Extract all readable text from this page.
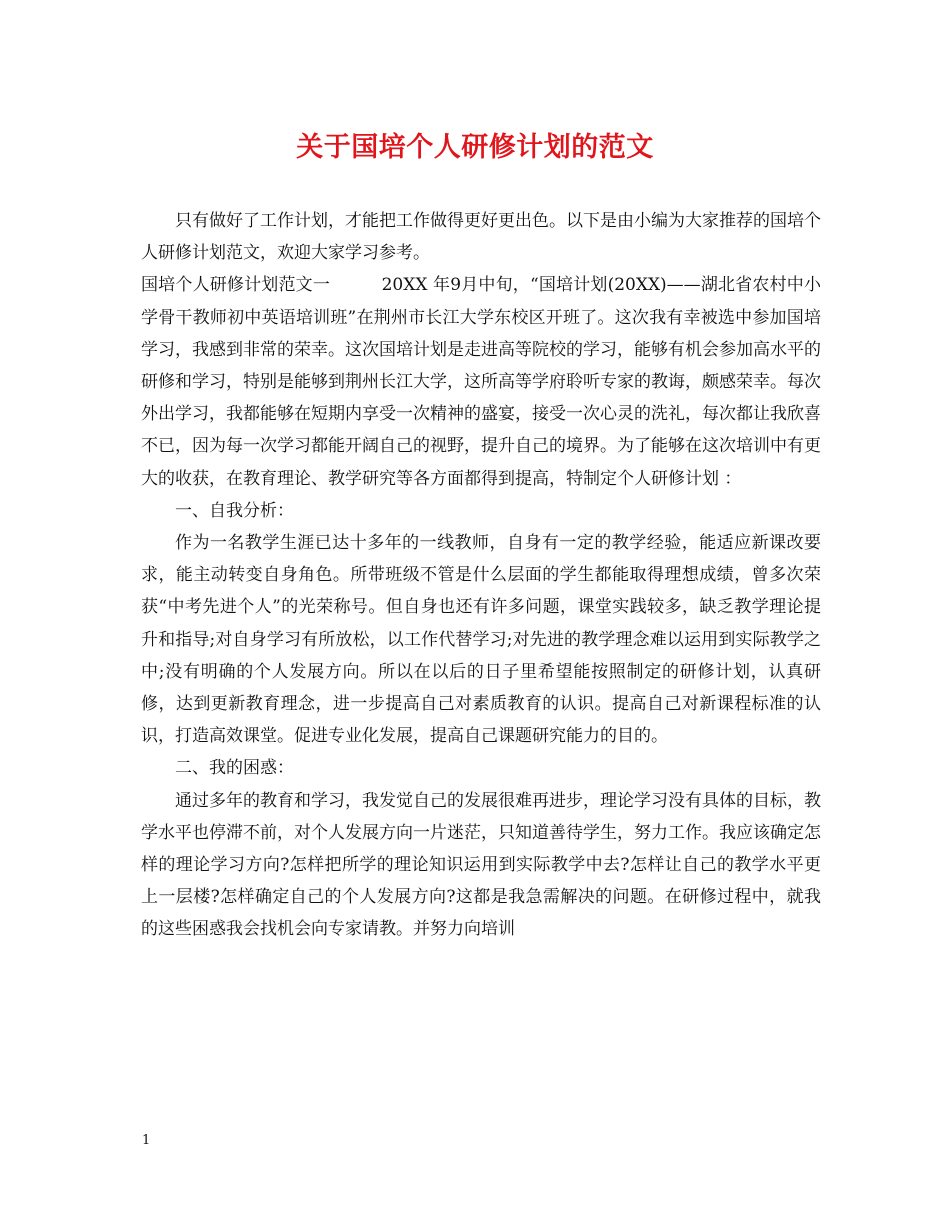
关于国培个人研修计划的范文

只有做好了工作计划，才能把工作做得更好更出色。以下是由小编为大家推荐的国培个人研修计划范文，欢迎大家学习参考。

国培个人研修计划范文一　　　20XX 年9月中旬，“国培计划(20XX)——湖北省农村中小学骨干教师初中英语培训班”在荆州市长江大学东校区开班了。这次我有幸被选中参加国培学习，我感到非常的荣幸。这次国培计划是走进高等院校的学习，能够有机会参加高水平的研修和学习，特别是能够到荆州长江大学，这所高等学府聆听专家的教诲，颇感荣幸。每次外出学习，我都能够在短期内享受一次精神的盛宴，接受一次心灵的洗礼，每次都让我欣喜不已，因为每一次学习都能开阔自己的视野，提升自己的境界。为了能够在这次培训中有更大的收获，在教育理论、教学研究等各方面都得到提高，特制定个人研修计划 ：

一、自我分析：

作为一名教学生涯已达十多年的一线教师，自身有一定的教学经验，能适应新课改要求，能主动转变自身角色。所带班级不管是什么层面的学生都能取得理想成绩，曾多次荣获“中考先进个人”的光荣称号。但自身也还有许多问题，课堂实践较多，缺乏教学理论提升和指导;对自身学习有所放松，以工作代替学习;对先进的教学理念难以运用到实际教学之中;没有明确的个人发展方向。所以在以后的日子里希望能按照制定的研修计划，认真研修，达到更新教育理念，进一步提高自己对素质教育的认识。提高自己对新课程标准的认识，打造高效课堂。促进专业化发展，提高自己课题研究能力的目的。

二、我的困惑：

通过多年的教育和学习，我发觉自己的发展很难再进步，理论学习没有具体的目标，教学水平也停滞不前，对个人发展方向一片迷茫，只知道善待学生，努力工作。我应该确定怎样的理论学习方向?怎样把所学的理论知识运用到实际教学中去?怎样让自己的教学水平更上一层楼?怎样确定自己的个人发展方向?这都是我急需解决的问题。在研修过程中，就我的这些困惑我会找机会向专家请教。并努力向培训

1
